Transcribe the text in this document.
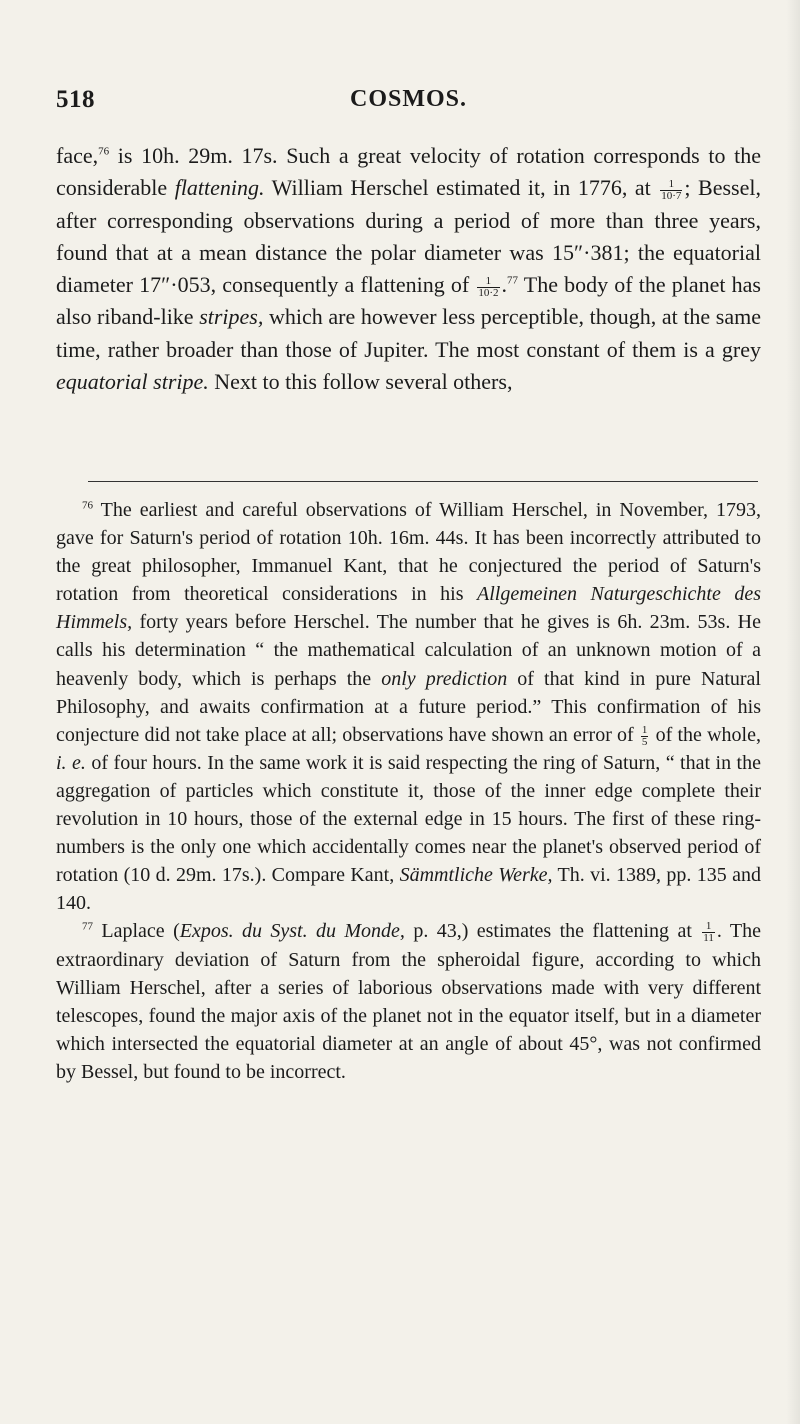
518	COSMOS.

face,$^{76}$ is 10h. 29m. 17s. Such a great velocity of rotation corresponds to the considerable flattening. William Herschel estimated it, in 1776, at $\frac{1}{10\cdot 7}$ ; Bessel, after corresponding observations during a period of more than three years, found that at a mean distance the polar diameter was 15″·381; the equatorial diameter 17″·053, consequently a flattening of $\frac{1}{10\cdot 2} .^{77}$ The body of the planet has also riband-like stripes, which are however less perceptible, though, at the same time, rather broader than those of Jupiter. The most constant of them is a grey equatorial stripe. Next to this follow several others,

$^{76}$ The earliest and careful observations of William Herschel, in November, 1793, gave for Saturn's period of rotation 10h. 16m. 44s. It has been incorrectly attributed to the great philosopher, Immanuel Kant, that he conjectured the period of Saturn's rotation from theoretical considerations in his Allgemeinen Naturgeschichte des Himmels, forty years before Herschel. The number that he gives is 6h. 23m. 53s. He calls his determination “ the mathematical calculation of an unknown motion of a heavenly body, which is perhaps the only prediction of that kind in pure Natural Philosophy, and awaits confirmation at a future period.” This confirmation of his conjecture did not take place at all; observations have shown an error of $\frac{1}{5}$ of the whole, i. e. of four hours. In the same work it is said respecting the ring of Saturn, “ that in the aggregation of particles which constitute it, those of the inner edge complete their revolution in 10 hours, those of the external edge in 15 hours. The first of these ring-numbers is the only one which accidentally comes near the planet's observed period of rotation (10 d. 29m. 17s.). Compare Kant, Sämmtliche Werke, Th. vi. 1389, pp. 135 and 140.

$^{77}$ Laplace (Expos. du Syst. du Monde, p. 43,) estimates the flattening at $\frac{1}{11}$ . The extraordinary deviation of Saturn from the spheroidal figure, according to which William Herschel, after a series of laborious observations made with very different telescopes, found the major axis of the planet not in the equator itself, but in a diameter which intersected the equatorial diameter at an angle of about 45°, was not confirmed by Bessel, but found to be incorrect.
